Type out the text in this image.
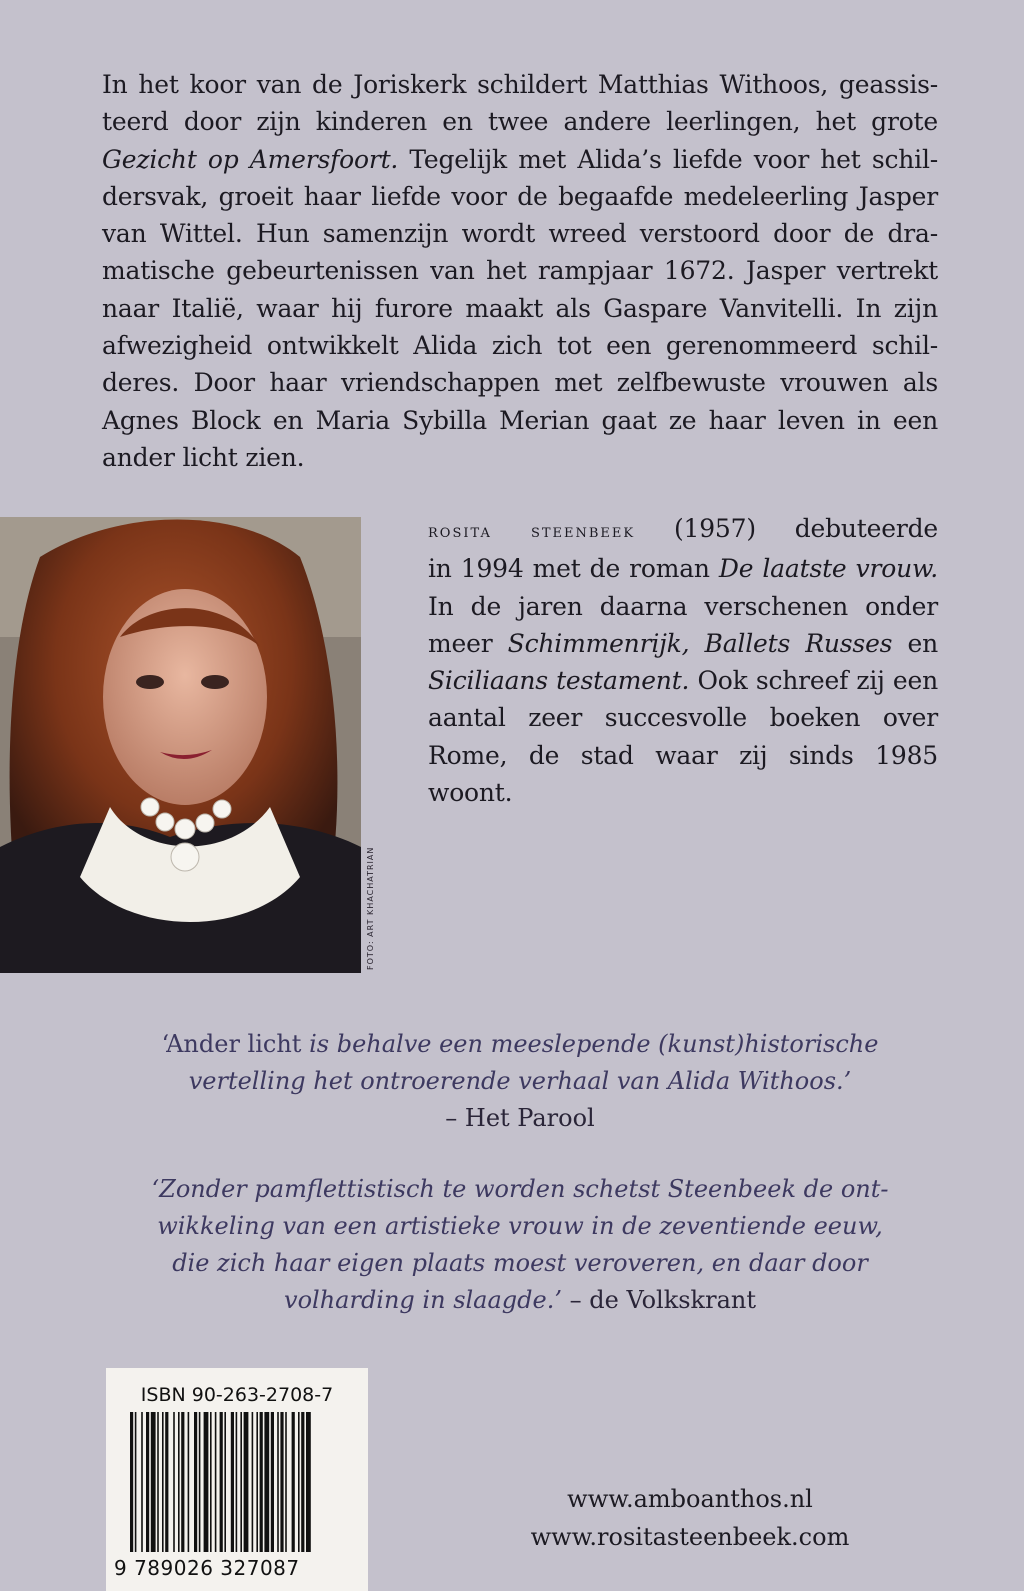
In het koor van de Joriskerk schildert Matthias Withoos, geassis-
teerd door zijn kinderen en twee andere leerlingen, het grote
Gezicht op Amersfoort. Tegelijk met Alida’s liefde voor het schil-
dersvak, groeit haar liefde voor de begaafde medeleerling Jasper
van Wittel. Hun samenzijn wordt wreed verstoord door de dra-
matische gebeurtenissen van het rampjaar 1672. Jasper vertrekt
naar Italië, waar hij furore maakt als Gaspare Vanvitelli. In zijn
afwezigheid ontwikkelt Alida zich tot een gerenommeerd schil-
deres. Door haar vriendschappen met zelfbewuste vrouwen als
Agnes Block en Maria Sybilla Merian gaat ze haar leven in een
ander licht zien.
FOTO: ART KHACHATRIAN
rosita steenbeek (1957) debuteerde
in 1994 met de roman De laatste vrouw.
In de jaren daarna verschenen onder
meer Schimmenrijk, Ballets Russes en
Siciliaans testament. Ook schreef zij een
aantal zeer succesvolle boeken over
Rome, de stad waar zij sinds 1985 woont.
‘Ander licht is behalve een meeslepende (kunst)historische
vertelling het ontroerende verhaal van Alida Withoos.’
– Het Parool
‘Zonder pamflettistisch te worden schetst Steenbeek de ont-
wikkeling van een artistieke vrouw in de zeventiende eeuw,
die zich haar eigen plaats moest veroveren, en daar door
volharding in slaagde.’ – de Volkskrant
ISBN 90-263-2708-7
9 789026 327087
www.amboanthos.nl
www.rositasteenbeek.com
